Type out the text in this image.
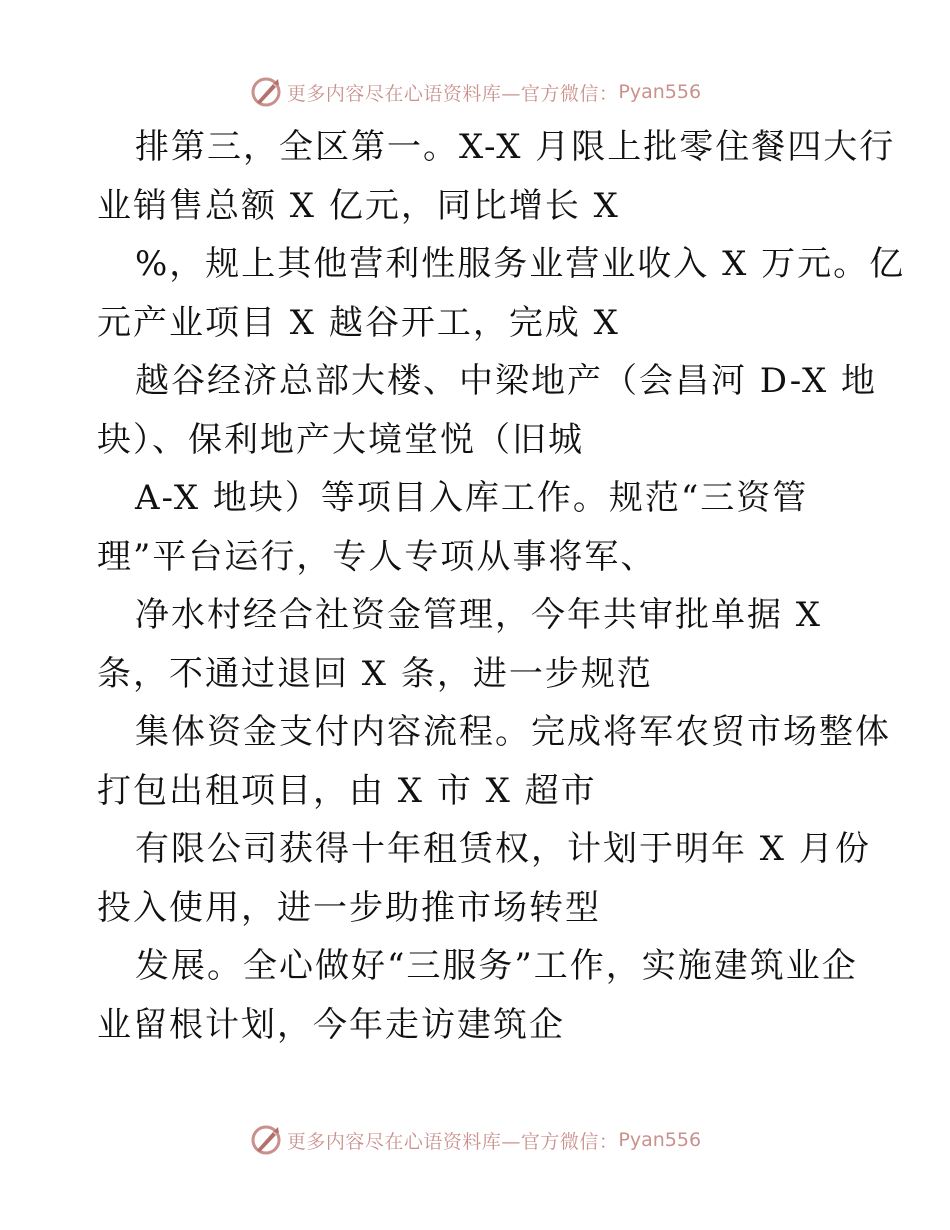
更多内容尽在心语资料库—官方微信： Pyan556
排第三，全区第一。X-X 月限上批零住餐四大行
业销售总额 X 亿元，同比增长 X
%，规上其他营利性服务业营业收入 X 万元。亿
元产业项目 X 越谷开工，完成 X
越谷经济总部大楼、中梁地产（会昌河 D-X 地
块）、保利地产大境堂悦（旧城
A-X 地块）等项目入库工作。规范“三资管
理”平台运行，专人专项从事将军、
净水村经合社资金管理，今年共审批单据 X
条，不通过退回 X 条，进一步规范
集体资金支付内容流程。完成将军农贸市场整体
打包出租项目，由 X 市 X 超市
有限公司获得十年租赁权，计划于明年 X 月份
投入使用，进一步助推市场转型
发展。全心做好“三服务”工作，实施建筑业企
业留根计划，今年走访建筑企
更多内容尽在心语资料库—官方微信： Pyan556
